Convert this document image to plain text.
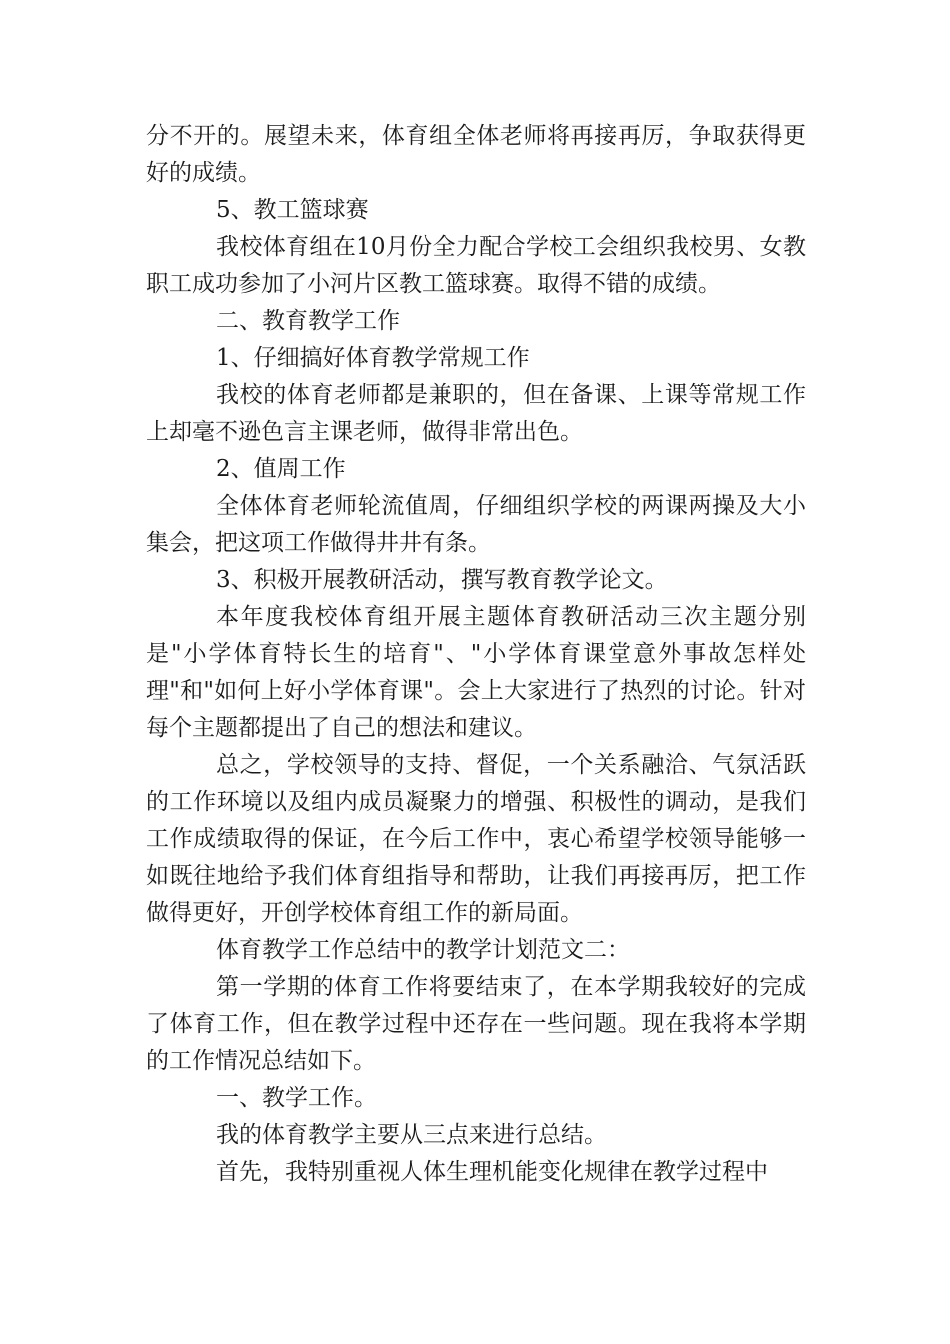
分不开的。展望未来，体育组全体老师将再接再厉，争取获得更好的成绩。

5、教工篮球赛

我校体育组在10月份全力配合学校工会组织我校男、女教职工成功参加了小河片区教工篮球赛。取得不错的成绩。

二、教育教学工作

1、仔细搞好体育教学常规工作

我校的体育老师都是兼职的，但在备课、上课等常规工作上却毫不逊色言主课老师，做得非常出色。

2、值周工作

全体体育老师轮流值周，仔细组织学校的两课两操及大小集会，把这项工作做得井井有条。

3、积极开展教研活动，撰写教育教学论文。

本年度我校体育组开展主题体育教研活动三次主题分别是"小学体育特长生的培育"、"小学体育课堂意外事故怎样处理"和"如何上好小学体育课"。会上大家进行了热烈的讨论。针对每个主题都提出了自己的想法和建议。

总之，学校领导的支持、督促，一个关系融洽、气氛活跃的工作环境以及组内成员凝聚力的增强、积极性的调动，是我们工作成绩取得的保证，在今后工作中，衷心希望学校领导能够一如既往地给予我们体育组指导和帮助，让我们再接再厉，把工作做得更好，开创学校体育组工作的新局面。

体育教学工作总结中的教学计划范文二：

第一学期的体育工作将要结束了，在本学期我较好的完成了体育工作，但在教学过程中还存在一些问题。现在我将本学期的工作情况总结如下。

一、教学工作。

我的体育教学主要从三点来进行总结。

首先，我特别重视人体生理机能变化规律在教学过程中
